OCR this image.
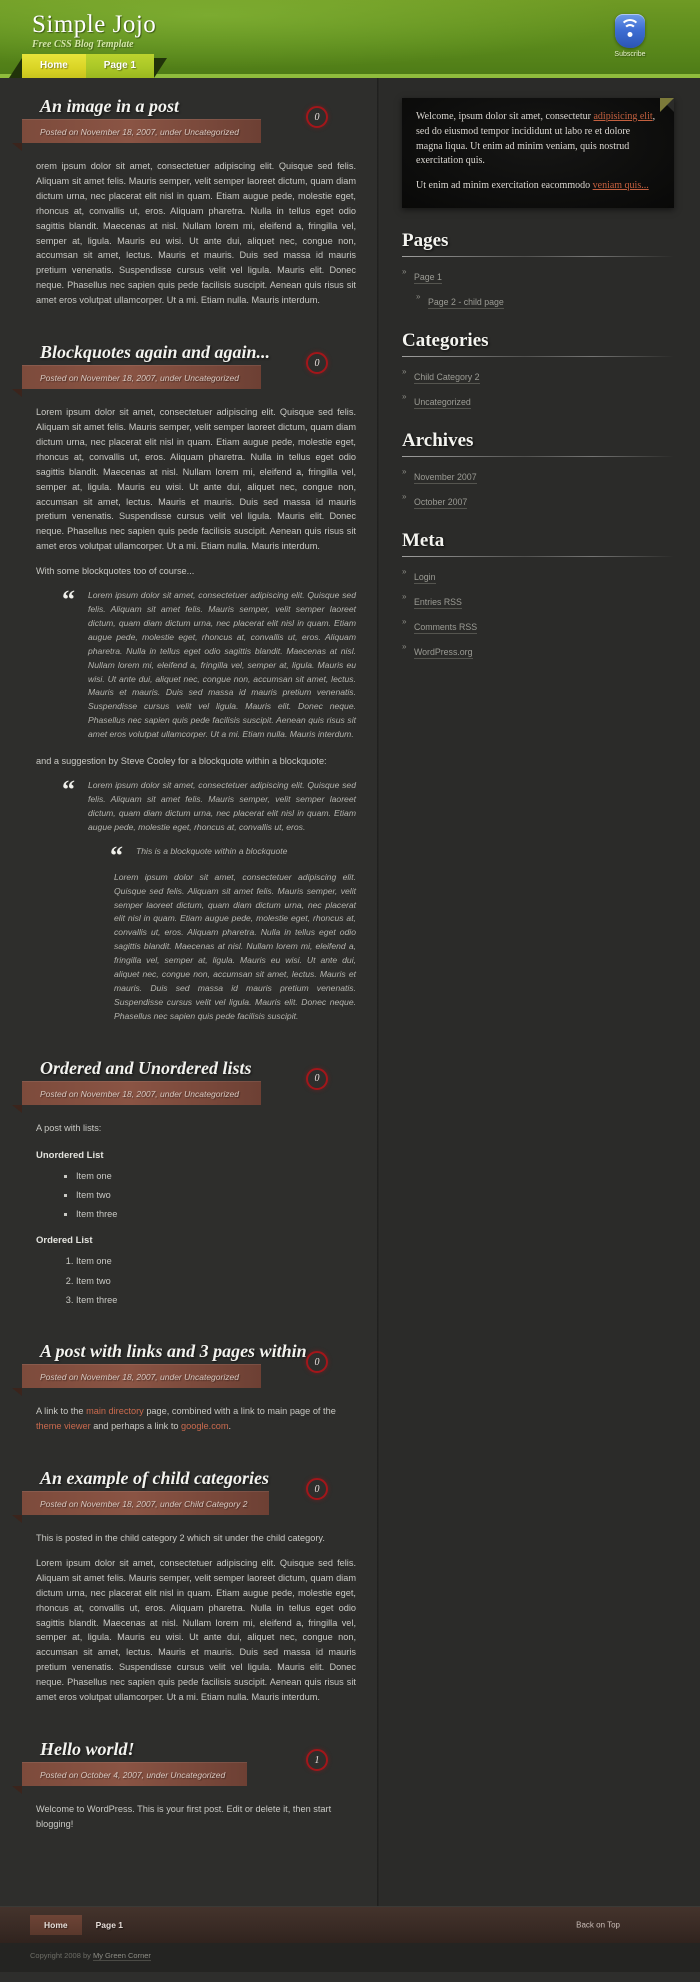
Simple Jojo
Free CSS Blog Template
Subscribe
Home	Page 1
0
An image in a post
Posted on November 18, 2007, under Uncategorized

orem ipsum dolor sit amet, consectetuer adipiscing elit. Quisque sed felis. Aliquam sit amet felis. Mauris semper, velit semper laoreet dictum, quam diam dictum urna, nec placerat elit nisl in quam. Etiam augue pede, molestie eget, rhoncus at, convallis ut, eros. Aliquam pharetra. Nulla in tellus eget odio sagittis blandit. Maecenas at nisl. Nullam lorem mi, eleifend a, fringilla vel, semper at, ligula. Mauris eu wisi. Ut ante dui, aliquet nec, congue non, accumsan sit amet, lectus. Mauris et mauris. Duis sed massa id mauris pretium venenatis. Suspendisse cursus velit vel ligula. Mauris elit. Donec neque. Phasellus nec sapien quis pede facilisis suscipit. Aenean quis risus sit amet eros volutpat ullamcorper. Ut a mi. Etiam nulla. Mauris interdum.

0
Blockquotes again and again...
Posted on November 18, 2007, under Uncategorized

Lorem ipsum dolor sit amet, consectetuer adipiscing elit. Quisque sed felis. Aliquam sit amet felis. Mauris semper, velit semper laoreet dictum, quam diam dictum urna, nec placerat elit nisl in quam. Etiam augue pede, molestie eget, rhoncus at, convallis ut, eros. Aliquam pharetra. Nulla in tellus eget odio sagittis blandit. Maecenas at nisl. Nullam lorem mi, eleifend a, fringilla vel, semper at, ligula. Mauris eu wisi. Ut ante dui, aliquet nec, congue non, accumsan sit amet, lectus. Mauris et mauris. Duis sed massa id mauris pretium venenatis. Suspendisse cursus velit vel ligula. Mauris elit. Donec neque. Phasellus nec sapien quis pede facilisis suscipit. Aenean quis risus sit amet eros volutpat ullamcorper. Ut a mi. Etiam nulla. Mauris interdum.

With some blockquotes too of course...

“ Lorem ipsum dolor sit amet, consectetuer adipiscing elit. Quisque sed felis. Aliquam sit amet felis. Mauris semper, velit semper laoreet dictum, quam diam dictum urna, nec placerat elit nisl in quam. Etiam augue pede, molestie eget, rhoncus at, convallis ut, eros. Aliquam pharetra. Nulla in tellus eget odio sagittis blandit. Maecenas at nisl. Nullam lorem mi, eleifend a, fringilla vel, semper at, ligula. Mauris eu wisi. Ut ante dui, aliquet nec, congue non, accumsan sit amet, lectus. Mauris et mauris. Duis sed massa id mauris pretium venenatis. Suspendisse cursus velit vel ligula. Mauris elit. Donec neque. Phasellus nec sapien quis pede facilisis suscipit. Aenean quis risus sit amet eros volutpat ullamcorper. Ut a mi. Etiam nulla. Mauris interdum.

and a suggestion by Steve Cooley for a blockquote within a blockquote:

“ Lorem ipsum dolor sit amet, consectetuer adipiscing elit. Quisque sed felis. Aliquam sit amet felis. Mauris semper, velit semper laoreet dictum, quam diam dictum urna, nec placerat elit nisl in quam. Etiam augue pede, molestie eget, rhoncus at, convallis ut, eros.

“ This is a blockquote within a blockquote

Lorem ipsum dolor sit amet, consectetuer adipiscing elit. Quisque sed felis. Aliquam sit amet felis. Mauris semper, velit semper laoreet dictum, quam diam dictum urna, nec placerat elit nisl in quam. Etiam augue pede, molestie eget, rhoncus at, convallis ut, eros. Aliquam pharetra. Nulla in tellus eget odio sagittis blandit. Maecenas at nisl. Nullam lorem mi, eleifend a, fringilla vel, semper at, ligula. Mauris eu wisi. Ut ante dui, aliquet nec, congue non, accumsan sit amet, lectus. Mauris et mauris. Duis sed massa id mauris pretium venenatis. Suspendisse cursus velit vel ligula. Mauris elit. Donec neque. Phasellus nec sapien quis pede facilisis suscipit.

0
Ordered and Unordered lists
Posted on November 18, 2007, under Uncategorized

A post with lists:

Unordered List
▪ Item one
▪ Item two
▪ Item three
Ordered List
1. Item one
2. Item two
3. Item three
0
A post with links and 3 pages within
Posted on November 18, 2007, under Uncategorized

A link to the main directory page, combined with a link to main page of the theme viewer and perhaps a link to google.com.

0
An example of child categories
Posted on November 18, 2007, under Child Category 2

This is posted in the child category 2 which sit under the child category.

Lorem ipsum dolor sit amet, consectetuer adipiscing elit. Quisque sed felis. Aliquam sit amet felis. Mauris semper, velit semper laoreet dictum, quam diam dictum urna, nec placerat elit nisl in quam. Etiam augue pede, molestie eget, rhoncus at, convallis ut, eros. Aliquam pharetra. Nulla in tellus eget odio sagittis blandit. Maecenas at nisl. Nullam lorem mi, eleifend a, fringilla vel, semper at, ligula. Mauris eu wisi. Ut ante dui, aliquet nec, congue non, accumsan sit amet, lectus. Mauris et mauris. Duis sed massa id mauris pretium venenatis. Suspendisse cursus velit vel ligula. Mauris elit. Donec neque. Phasellus nec sapien quis pede facilisis suscipit. Aenean quis risus sit amet eros volutpat ullamcorper. Ut a mi. Etiam nulla. Mauris interdum.

1
Hello world!
Posted on October 4, 2007, under Uncategorized

Welcome to WordPress. This is your first post. Edit or delete it, then start blogging!

Welcome, ipsum dolor sit amet, consectetur adipisicing elit, sed do eiusmod tempor incididunt ut labo re et dolore magna liqua. Ut enim ad minim veniam, quis nostrud exercitation quis.

Ut enim ad minim exercitation eacommodo veniam quis...

Pages
» Page 1
» Page 2 - child page
Categories
» Child Category 2
» Uncategorized
Archives
» November 2007
» October 2007
Meta
» Login
» Entries RSS
» Comments RSS
» WordPress.org
Home	Page 1	Back on Top
Copyright 2008 by My Green Corner
